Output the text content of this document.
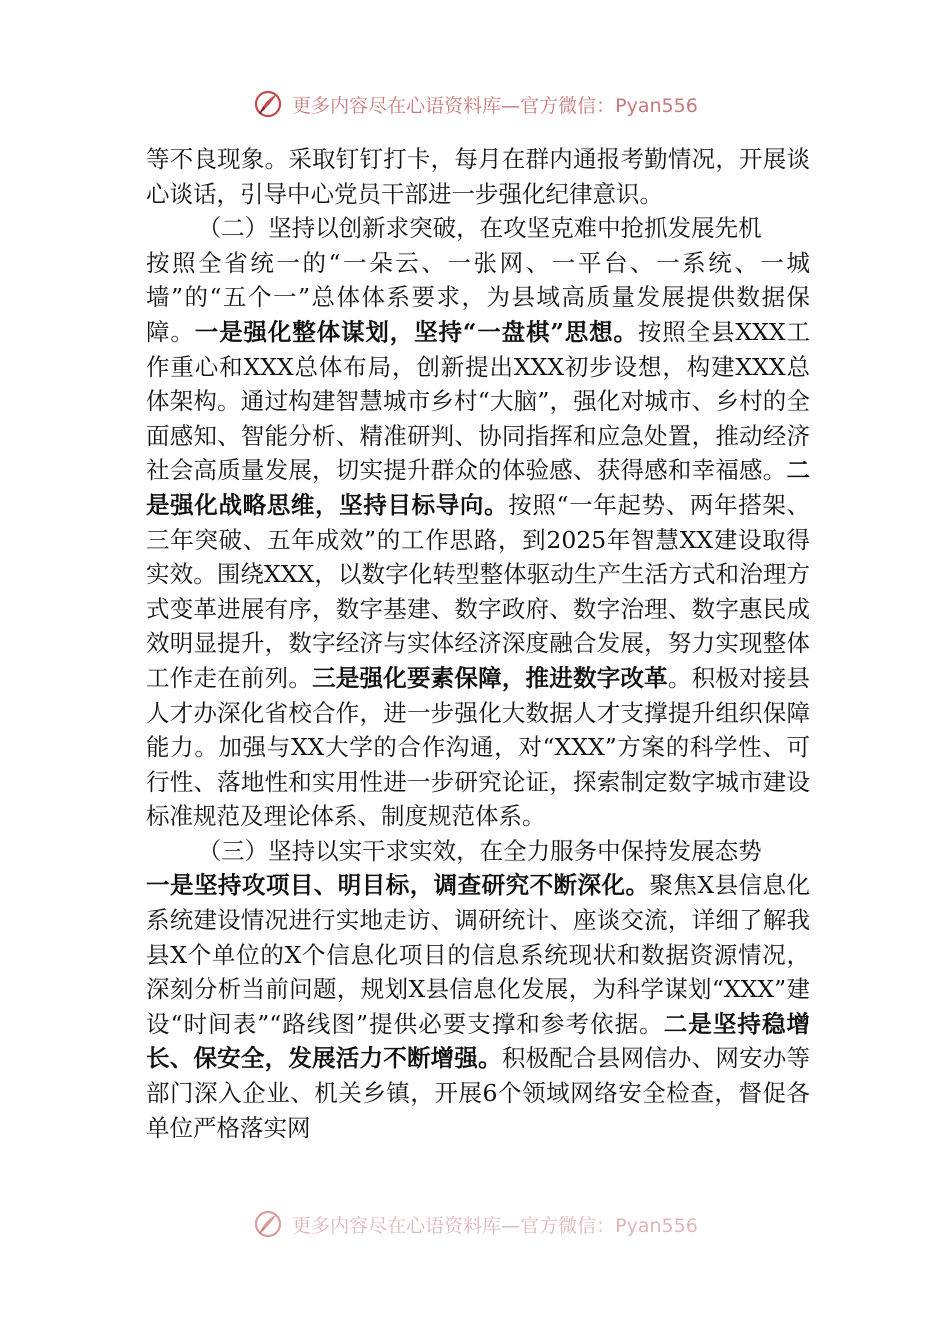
更多内容尽在心语资料库—官方微信：Pyan556

等不良现象。采取钉钉打卡，每月在群内通报考勤情况，开展谈心谈话，引导中心党员干部进一步强化纪律意识。

（二）坚持以创新求突破，在攻坚克难中抢抓发展先机

按照全省统一的“一朵云、一张网、一平台、一系统、一城墙”的“五个一”总体体系要求，为县域高质量发展提供数据保障。一是强化整体谋划，坚持“一盘棋”思想。按照全县XXX工作重心和XXX总体布局，创新提出XXX初步设想，构建XXX总体架构。通过构建智慧城市乡村“大脑”，强化对城市、乡村的全面感知、智能分析、精准研判、协同指挥和应急处置，推动经济社会高质量发展，切实提升群众的体验感、获得感和幸福感。二是强化战略思维，坚持目标导向。按照“一年起势、两年搭架、三年突破、五年成效”的工作思路，到2025年智慧XX建设取得实效。围绕XXX，以数字化转型整体驱动生产生活方式和治理方式变革进展有序，数字基建、数字政府、数字治理、数字惠民成效明显提升，数字经济与实体经济深度融合发展，努力实现整体工作走在前列。三是强化要素保障，推进数字改革。积极对接县人才办深化省校合作，进一步强化大数据人才支撑提升组织保障能力。加强与XX大学的合作沟通，对“XXX”方案的科学性、可行性、落地性和实用性进一步研究论证，探索制定数字城市建设标准规范及理论体系、制度规范体系。

（三）坚持以实干求实效，在全力服务中保持发展态势

一是坚持攻项目、明目标，调查研究不断深化。聚焦X县信息化系统建设情况进行实地走访、调研统计、座谈交流，详细了解我县X个单位的X个信息化项目的信息系统现状和数据资源情况，深刻分析当前问题，规划X县信息化发展，为科学谋划“XXX”建设“时间表”“路线图”提供必要支撑和参考依据。二是坚持稳增长、保安全，发展活力不断增强。积极配合县网信办、网安办等部门深入企业、机关乡镇，开展6个领域网络安全检查，督促各单位严格落实网

更多内容尽在心语资料库—官方微信：Pyan556
